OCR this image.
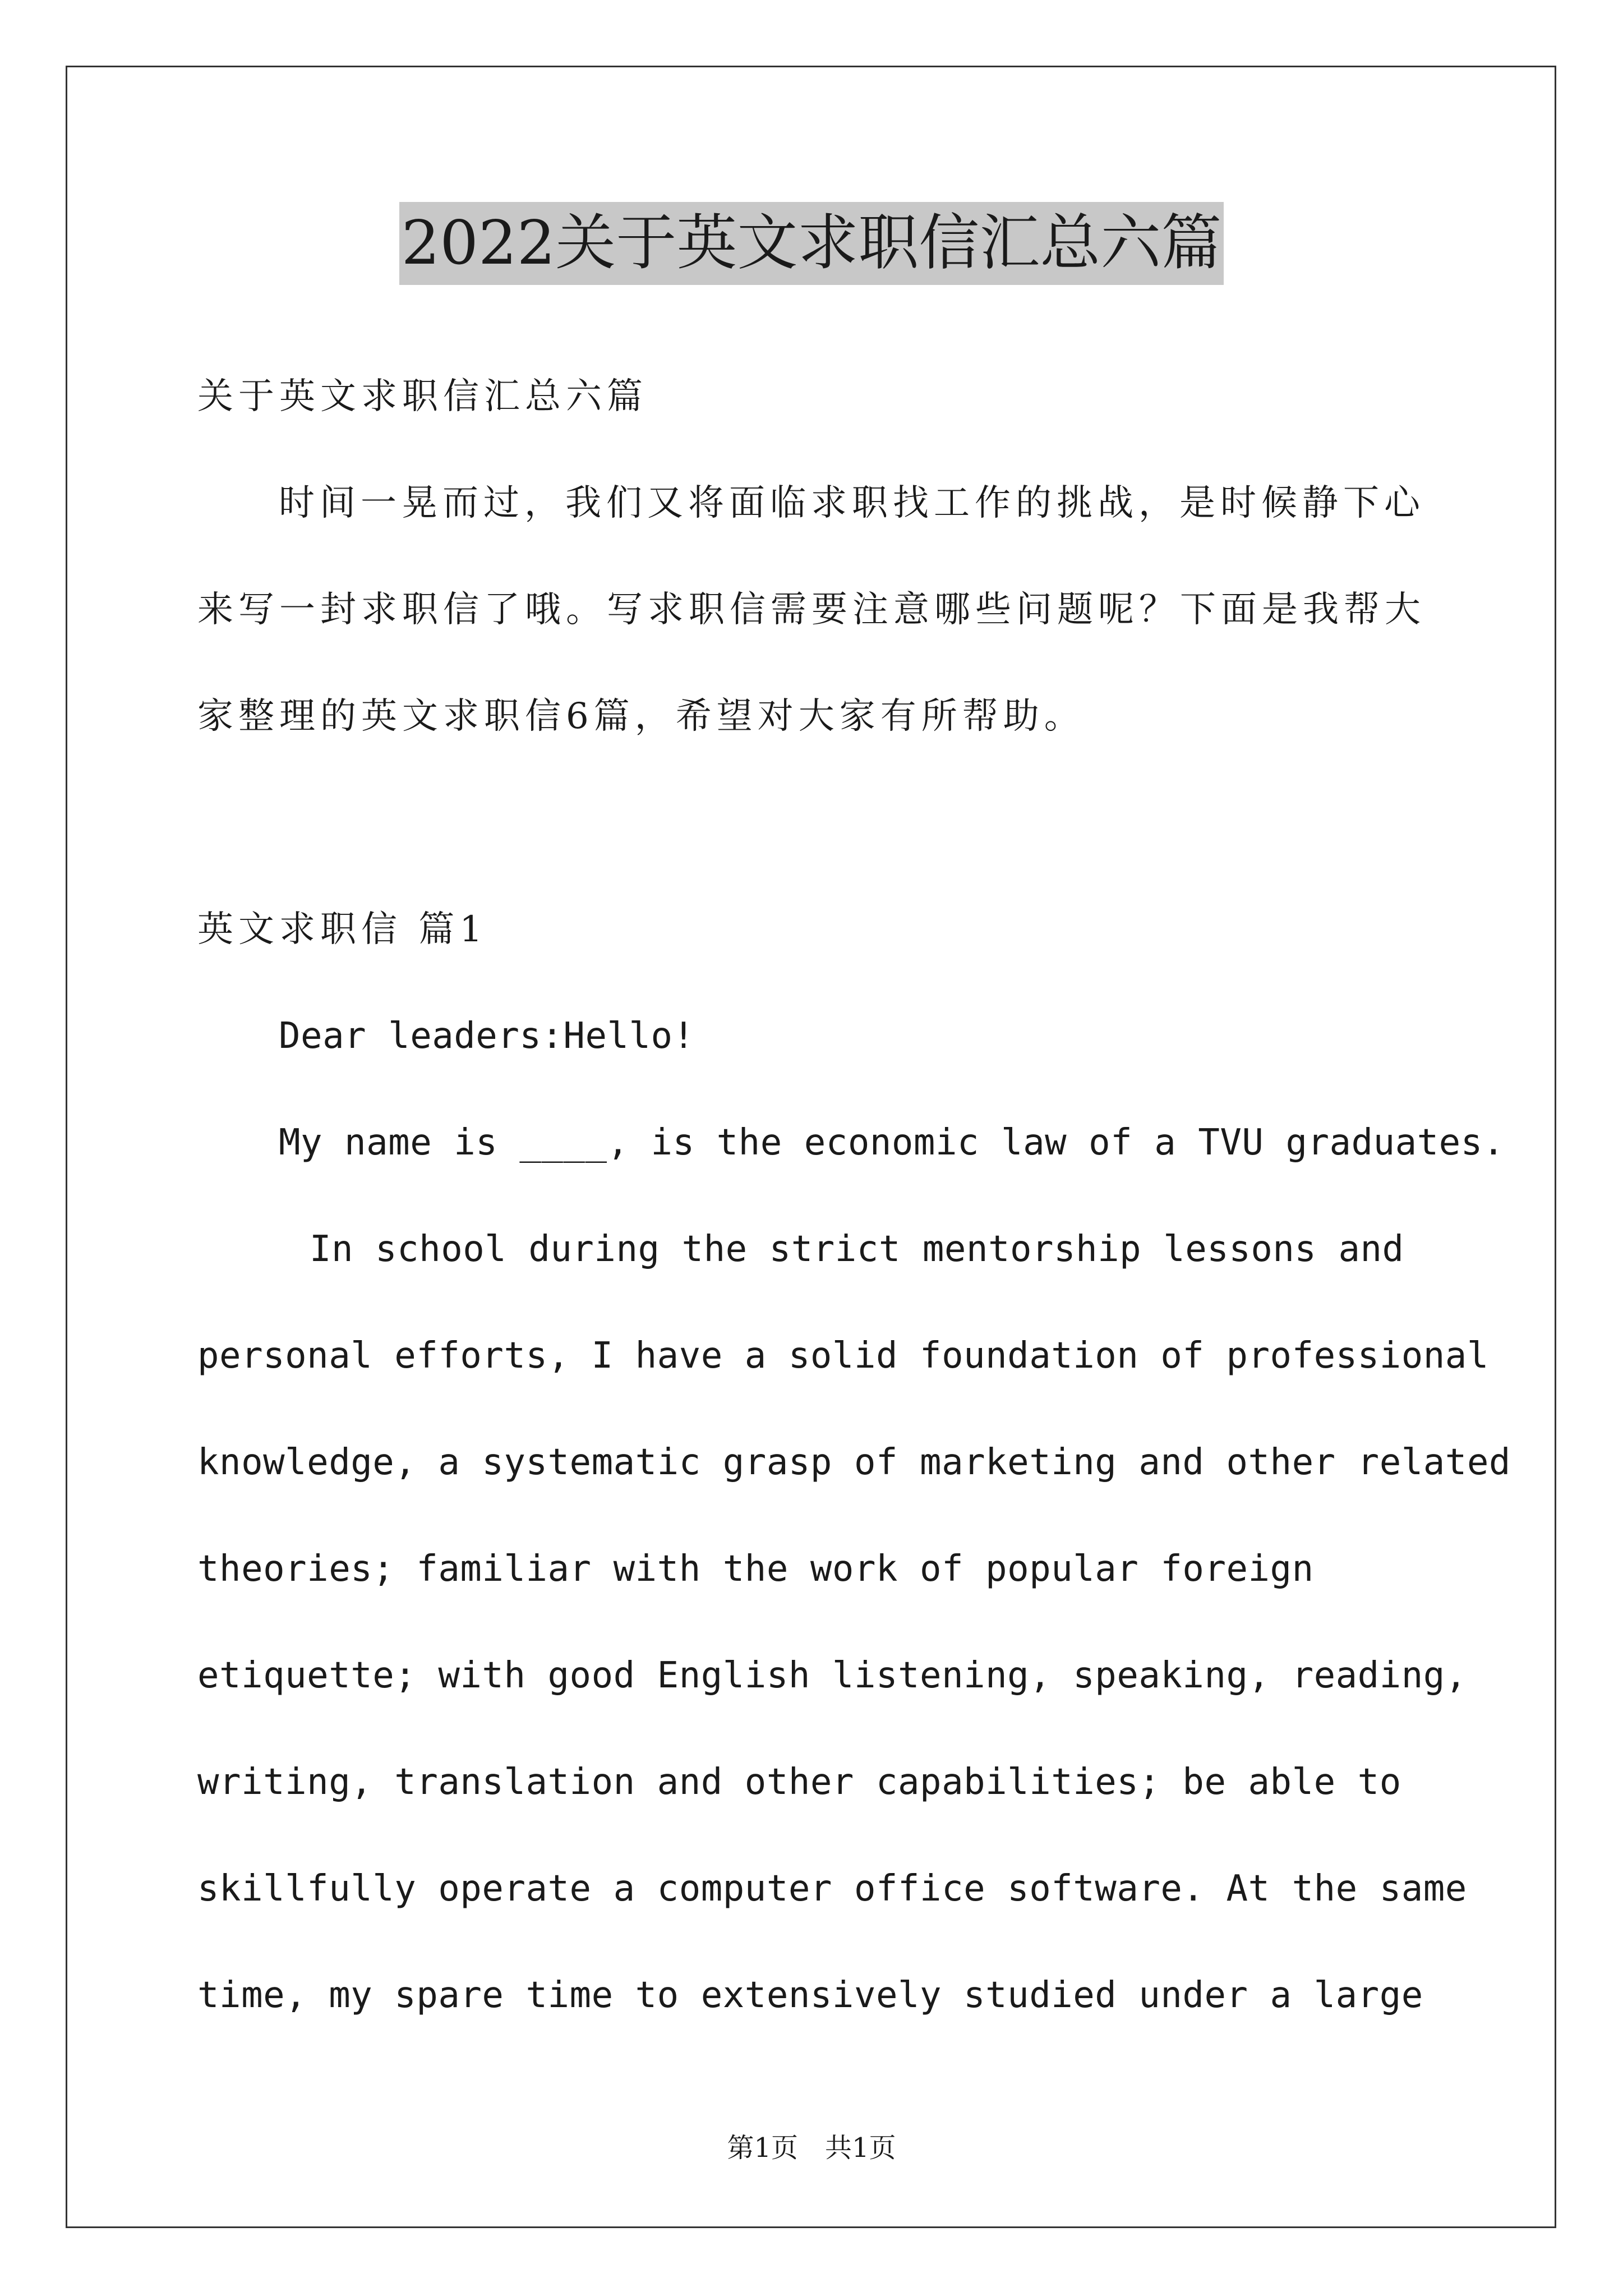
2022关于英文求职信汇总六篇

关于英文求职信汇总六篇

时间一晃而过，我们又将面临求职找工作的挑战，是时候静下心

来写一封求职信了哦。写求职信需要注意哪些问题呢？下面是我帮大

家整理的英文求职信6篇，希望对大家有所帮助。

英文求职信 篇1

Dear leaders:Hello!

My name is ____, is the economic law of a TVU graduates.

In school during the strict mentorship lessons and

personal efforts, I have a solid foundation of professional

knowledge, a systematic grasp of marketing and other related

theories; familiar with the work of popular foreign

etiquette; with good English listening, speaking, reading,

writing, translation and other capabilities; be able to

skillfully operate a computer office software. At the same

time, my spare time to extensively studied under a large

第1页　共1页
